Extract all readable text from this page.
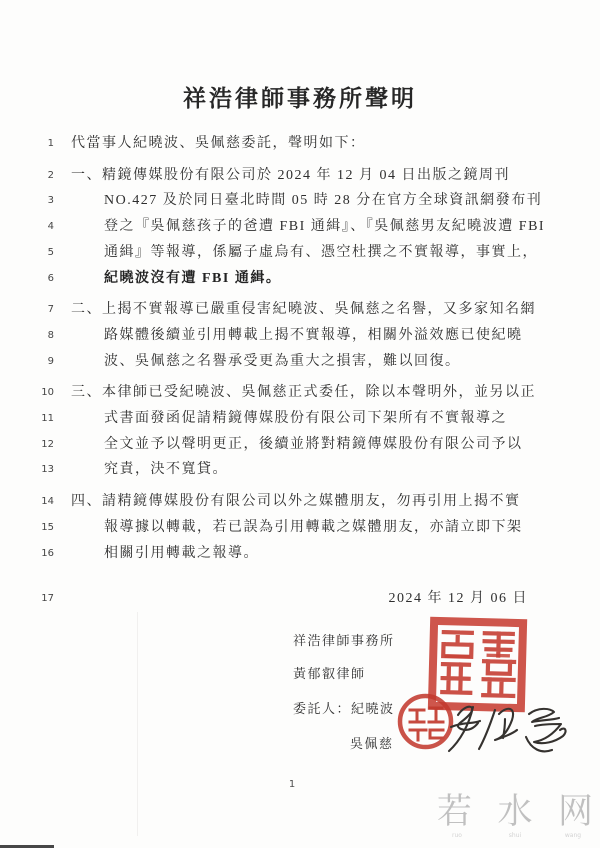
祥浩律師事務所聲明
1 代當事人紀曉波、吳佩慈委託，聲明如下：
2 一、精鏡傳媒股份有限公司於 2024 年 12 月 04 日出版之鏡周刊
3	NO.427 及於同日臺北時間 05 時 28 分在官方全球資訊網發布刊
4	登之『吳佩慈孩子的爸遭 FBI 通緝』、『吳佩慈男友紀曉波遭 FBI
5	通緝』等報導，係屬子虛烏有、憑空杜撰之不實報導，事實上，
6	紀曉波沒有遭 FBI 通緝。
7 二、上揭不實報導已嚴重侵害紀曉波、吳佩慈之名譽，又多家知名網
8	路媒體後續並引用轉載上揭不實報導，相關外溢效應已使紀曉
9	波、吳佩慈之名譽承受更為重大之損害，難以回復。
10 三、本律師已受紀曉波、吳佩慈正式委任，除以本聲明外，並另以正
11	式書面發函促請精鏡傳媒股份有限公司下架所有不實報導之
12	全文並予以聲明更正，後續並將對精鏡傳媒股份有限公司予以
13	究責，決不寬貸。
14 四、請精鏡傳媒股份有限公司以外之媒體朋友，勿再引用上揭不實
15	報導據以轉載，若已誤為引用轉載之媒體朋友，亦請立即下架
16	相關引用轉載之報導。
17	2024 年 12 月 06 日
祥浩律師事務所
黃郁叡律師
委託人：紀曉波
吳佩慈
1
若 水 网
ruo	shui	wang
